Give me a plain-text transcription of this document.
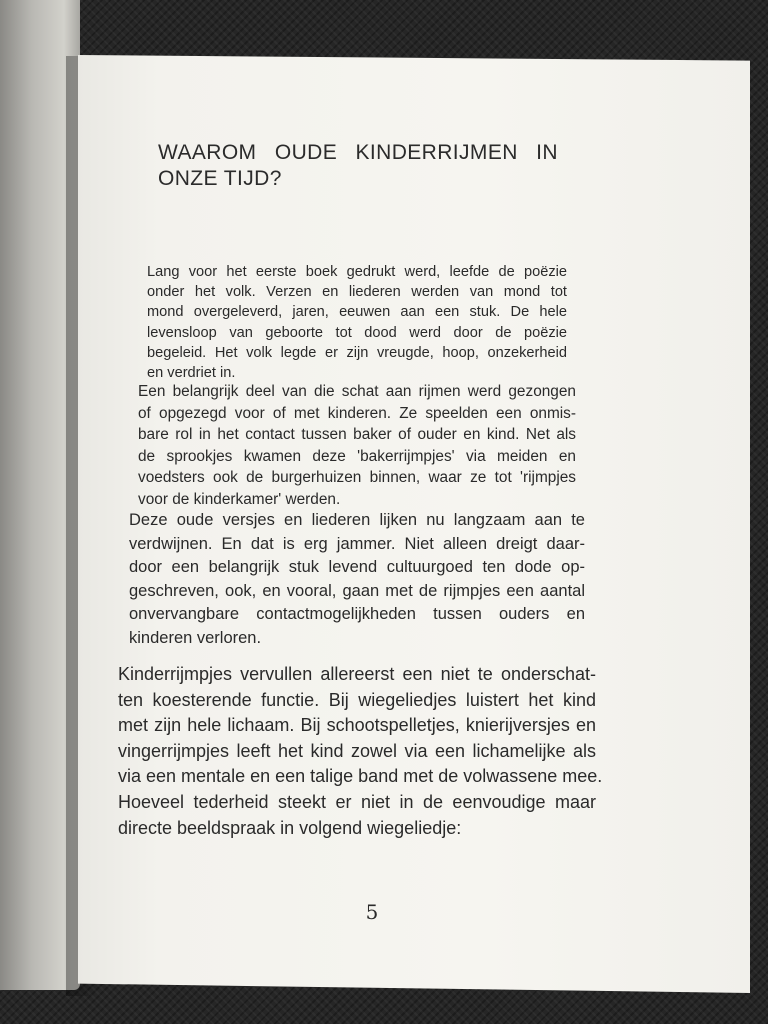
WAAROM OUDE KINDERRIJMEN IN
ONZE TIJD?
Lang voor het eerste boek gedrukt werd, leefde de poëzie
onder het volk. Verzen en liederen werden van mond tot
mond overgeleverd, jaren, eeuwen aan een stuk. De hele
levensloop van geboorte tot dood werd door de poëzie
begeleid. Het volk legde er zijn vreugde, hoop, onzekerheid
en verdriet in.
Een belangrijk deel van die schat aan rijmen werd gezongen
of opgezegd voor of met kinderen. Ze speelden een onmis-
bare rol in het contact tussen baker of ouder en kind. Net als
de sprookjes kwamen deze 'bakerrijmpjes' via meiden en
voedsters ook de burgerhuizen binnen, waar ze tot 'rijmpjes
voor de kinderkamer' werden.
Deze oude versjes en liederen lijken nu langzaam aan te
verdwijnen. En dat is erg jammer. Niet alleen dreigt daar-
door een belangrijk stuk levend cultuurgoed ten dode op-
geschreven, ook, en vooral, gaan met de rijmpjes een aantal
onvervangbare contactmogelijkheden tussen ouders en
kinderen verloren.
Kinderrijmpjes vervullen allereerst een niet te onderschat-
ten koesterende functie. Bij wiegeliedjes luistert het kind
met zijn hele lichaam. Bij schootspelletjes, knierijversjes en
vingerrijmpjes leeft het kind zowel via een lichamelijke als
via een mentale en een talige band met de volwassene mee.
Hoeveel tederheid steekt er niet in de eenvoudige maar
directe beeldspraak in volgend wiegeliedje:
5
